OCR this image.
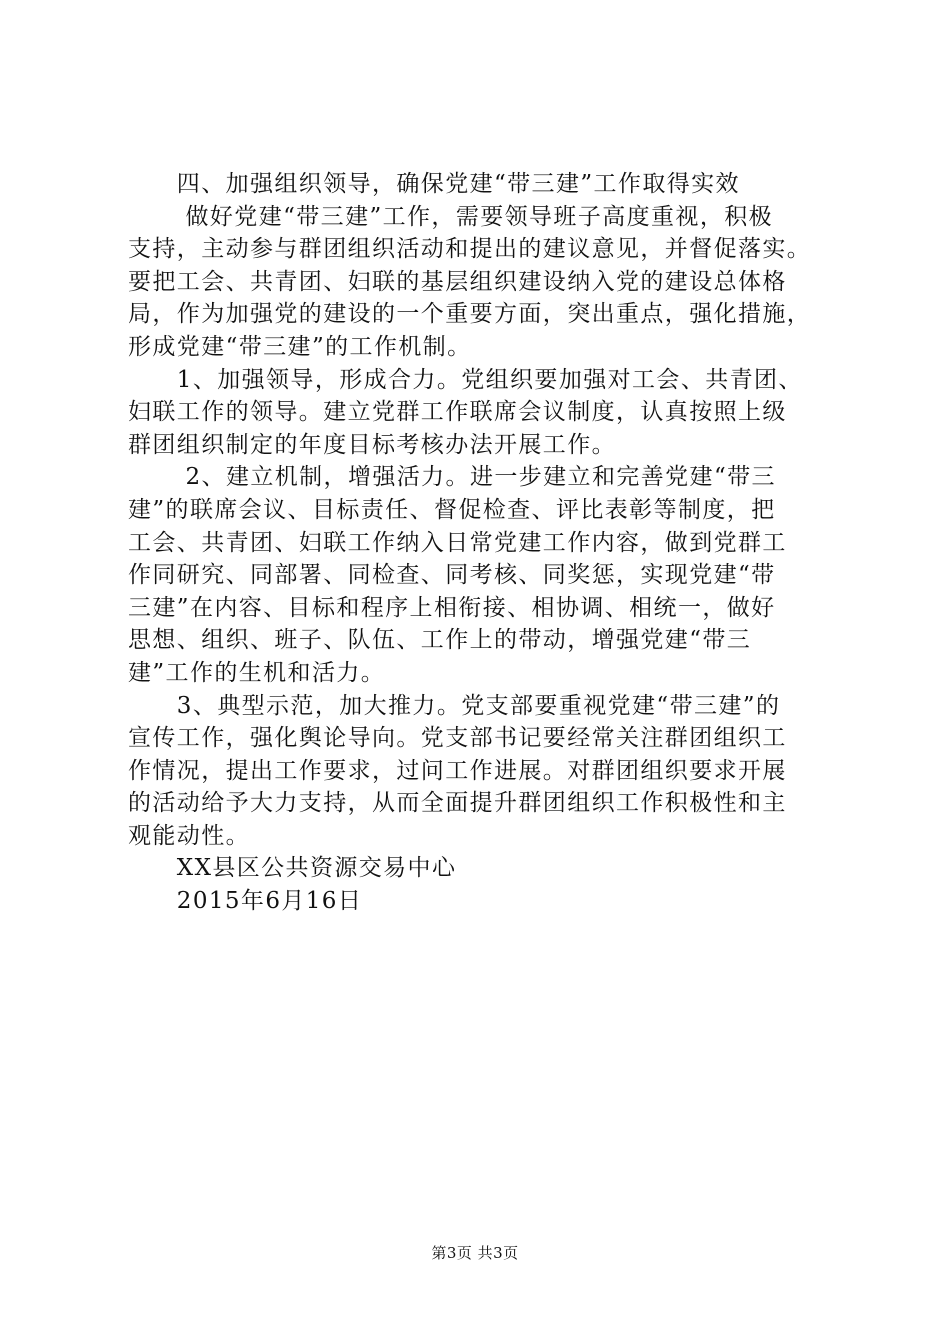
　　四、加强组织领导，确保党建“带三建”工作取得实效
　　 做好党建“带三建”工作，需要领导班子高度重视，积极
支持，主动参与群团组织活动和提出的建议意见，并督促落实。
要把工会、共青团、妇联的基层组织建设纳入党的建设总体格
局，作为加强党的建设的一个重要方面，突出重点，强化措施，
形成党建“带三建”的工作机制。
　　1、加强领导，形成合力。党组织要加强对工会、共青团、
妇联工作的领导。建立党群工作联席会议制度，认真按照上级
群团组织制定的年度目标考核办法开展工作。
　　 2、建立机制，增强活力。进一步建立和完善党建“带三
建”的联席会议、目标责任、督促检查、评比表彰等制度，把
工会、共青团、妇联工作纳入日常党建工作内容，做到党群工
作同研究、同部署、同检查、同考核、同奖惩，实现党建“带
三建”在内容、目标和程序上相衔接、相协调、相统一，做好
思想、组织、班子、队伍、工作上的带动，增强党建“带三
建”工作的生机和活力。
　　3、典型示范，加大推力。党支部要重视党建“带三建”的
宣传工作，强化舆论导向。党支部书记要经常关注群团组织工
作情况，提出工作要求，过问工作进展。对群团组织要求开展
的活动给予大力支持，从而全面提升群团组织工作积极性和主
观能动性。
　　XX县区公共资源交易中心
　　2015年6月16日
第3页 共3页
